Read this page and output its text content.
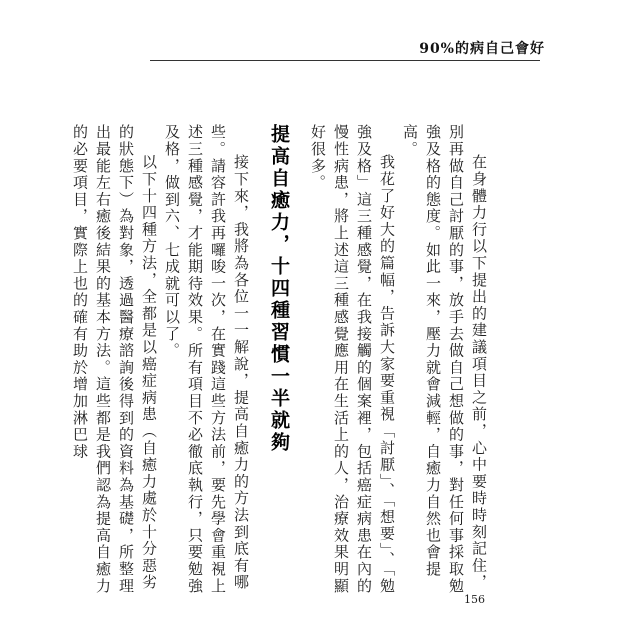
90%的病自己會好

在身體力行以下提出的建議項目之前，心中要時時刻記住，別再做自己討厭的事，放手去做自己想做的事，對任何事採取勉強及格的態度。如此一來，壓力就會減輕，自癒力自然也會提高。

我花了好大的篇幅，告訴大家要重視「討厭」、「想要」、「勉強及格」這三種感覺，在我接觸的個案裡，包括癌症病患在內的慢性病患，將上述這三種感覺應用在生活上的人，治療效果明顯好很多。

提高自癒力，十四種習慣一半就夠

接下來，我將為各位一一解說，提高自癒力的方法到底有哪些。請容許我再囉唆一次，在實踐這些方法前，要先學會重視上述三種感覺，才能期待效果。所有項目不必徹底執行，只要勉強及格，做到六、七成就可以了。

以下十四種方法，全都是以癌症病患（自癒力處於十分惡劣的狀態下）為對象，透過醫療諮詢後得到的資料為基礎，所整理出最能左右癒後結果的基本方法。這些都是我們認為提高自癒力的必要項目，實際上也的確有助於增加淋巴球

156
